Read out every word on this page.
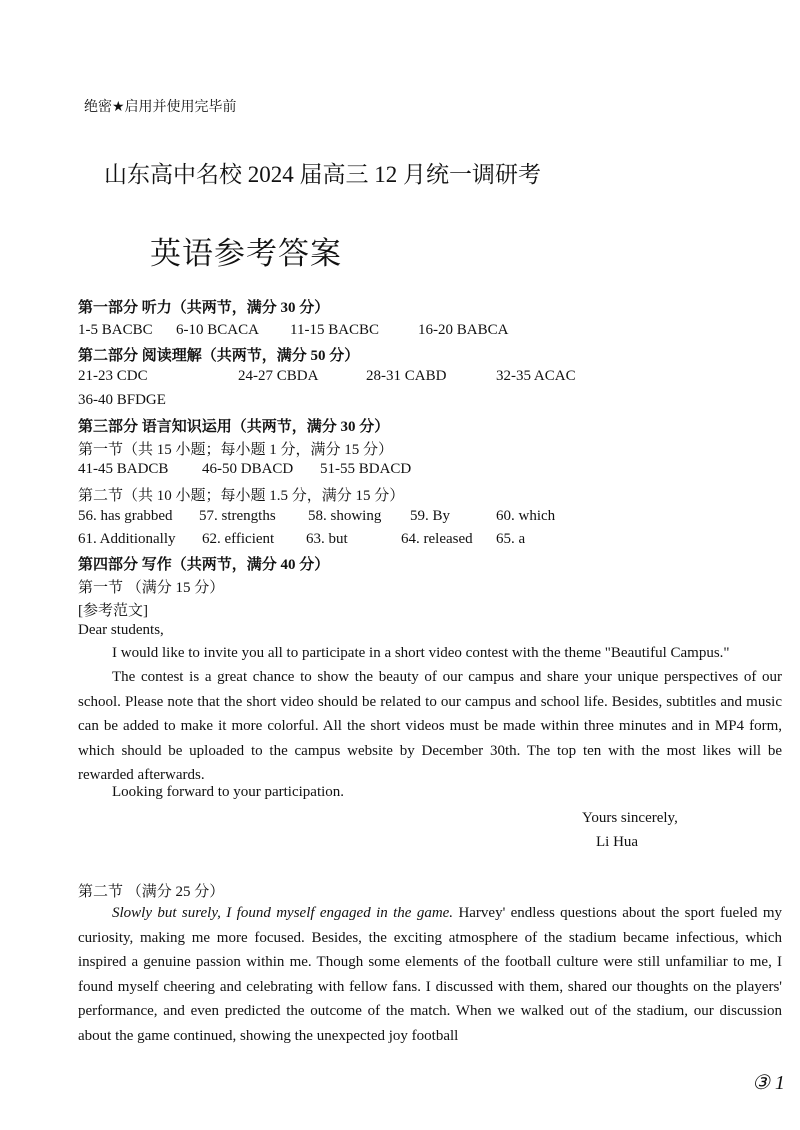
绝密★启用并使用完毕前
山东高中名校 2024 届高三 12 月统一调研考
英语参考答案
第一部分 听力（共两节，满分 30 分）
1-5 BACBC 6-10 BCACA 11-15 BACBC	16-20 BABCA
第二部分 阅读理解（共两节，满分 50 分）
21-23 CDC	24-27 CBDA	28-31 CABD	32-35 ACAC
36-40 BFDGE
第三部分 语言知识运用（共两节，满分 30 分）
第一节（共 15 小题；每小题 1 分，满分 15 分）
41-45 BADCB 46-50 DBACD 51-55 BDACD
第二节（共 10 小题；每小题 1.5 分，满分 15 分）
56. has grabbed 57. strengths 58. showing 59. By	60. which
61. Additionally 62. efficient 63. but	64. released 65. a
第四部分 写作（共两节，满分 40 分）
第一节 （满分 15 分）
[参考范文]
Dear students,
I would like to invite you all to participate in a short video contest with the theme "Beautiful Campus."
The contest is a great chance to show the beauty of our campus and share your unique perspectives of our school. Please note that the short video should be related to our campus and school life. Besides, subtitles and music can be added to make it more colorful. All the short videos must be made within three minutes and in MP4 form, which should be uploaded to the campus website by December 30th. The top ten with the most likes will be rewarded afterwards.
Looking forward to your participation.
Yours sincerely,
Li Hua
第二节 （满分 25 分）
Slowly but surely, I found myself engaged in the game. Harvey' endless questions about the sport fueled my curiosity, making me more focused. Besides, the exciting atmosphere of the stadium became infectious, which inspired a genuine passion within me. Though some elements of the football culture were still unfamiliar to me, I found myself cheering and celebrating with fellow fans. I discussed with them, shared our thoughts on the players' performance, and even predicted the outcome of the match. When we walked out of the stadium, our discussion about the game continued, showing the unexpected joy football
③ 1
